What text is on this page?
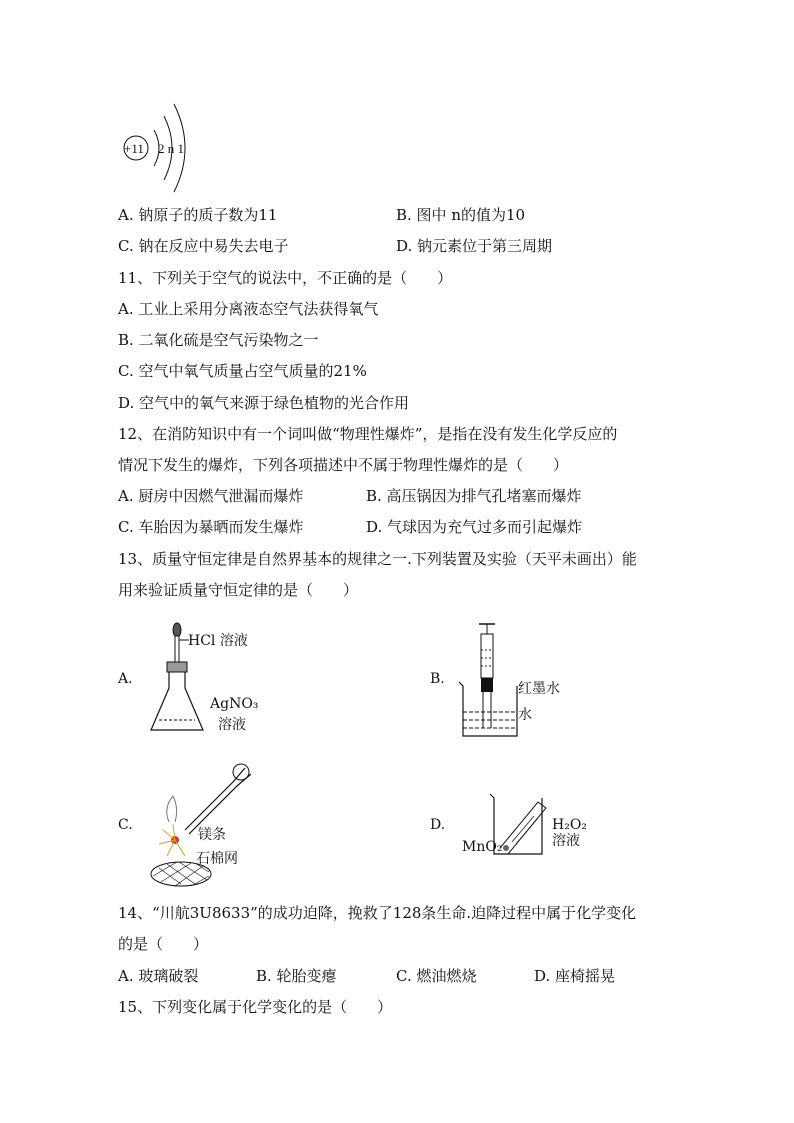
+11 2 n 1
A. 钠原子的质子数为11	B. 图中 n的值为10
C. 钠在反应中易失去电子	D. 钠元素位于第三周期
11、下列关于空气的说法中，不正确的是（　　）
A. 工业上采用分离液态空气法获得氧气
B. 二氧化硫是空气污染物之一
C. 空气中氧气质量占空气质量的21%
D. 空气中的氧气来源于绿色植物的光合作用
12、在消防知识中有一个词叫做“物理性爆炸”，是指在没有发生化学反应的
情况下发生的爆炸，下列各项描述中不属于物理性爆炸的是（　　）
A. 厨房中因燃气泄漏而爆炸	B. 高压锅因为排气孔堵塞而爆炸
C. 车胎因为暴晒而发生爆炸	D. 气球因为充气过多而引起爆炸
13、质量守恒定律是自然界基本的规律之一.下列装置及实验（天平未画出）能
用来验证质量守恒定律的是（　　）
A.
HCl 溶液
AgNO₃
溶液
B.
红墨水
水
C.
镁条
石棉网
D.	H₂O₂
溶液
MnO₂
14、“川航3U8633”的成功迫降，挽救了128条生命.迫降过程中属于化学变化
的是（　　）
A. 玻璃破裂	B. 轮胎变瘪	C. 燃油燃烧	D. 座椅摇晃
15、下列变化属于化学变化的是（　　）
